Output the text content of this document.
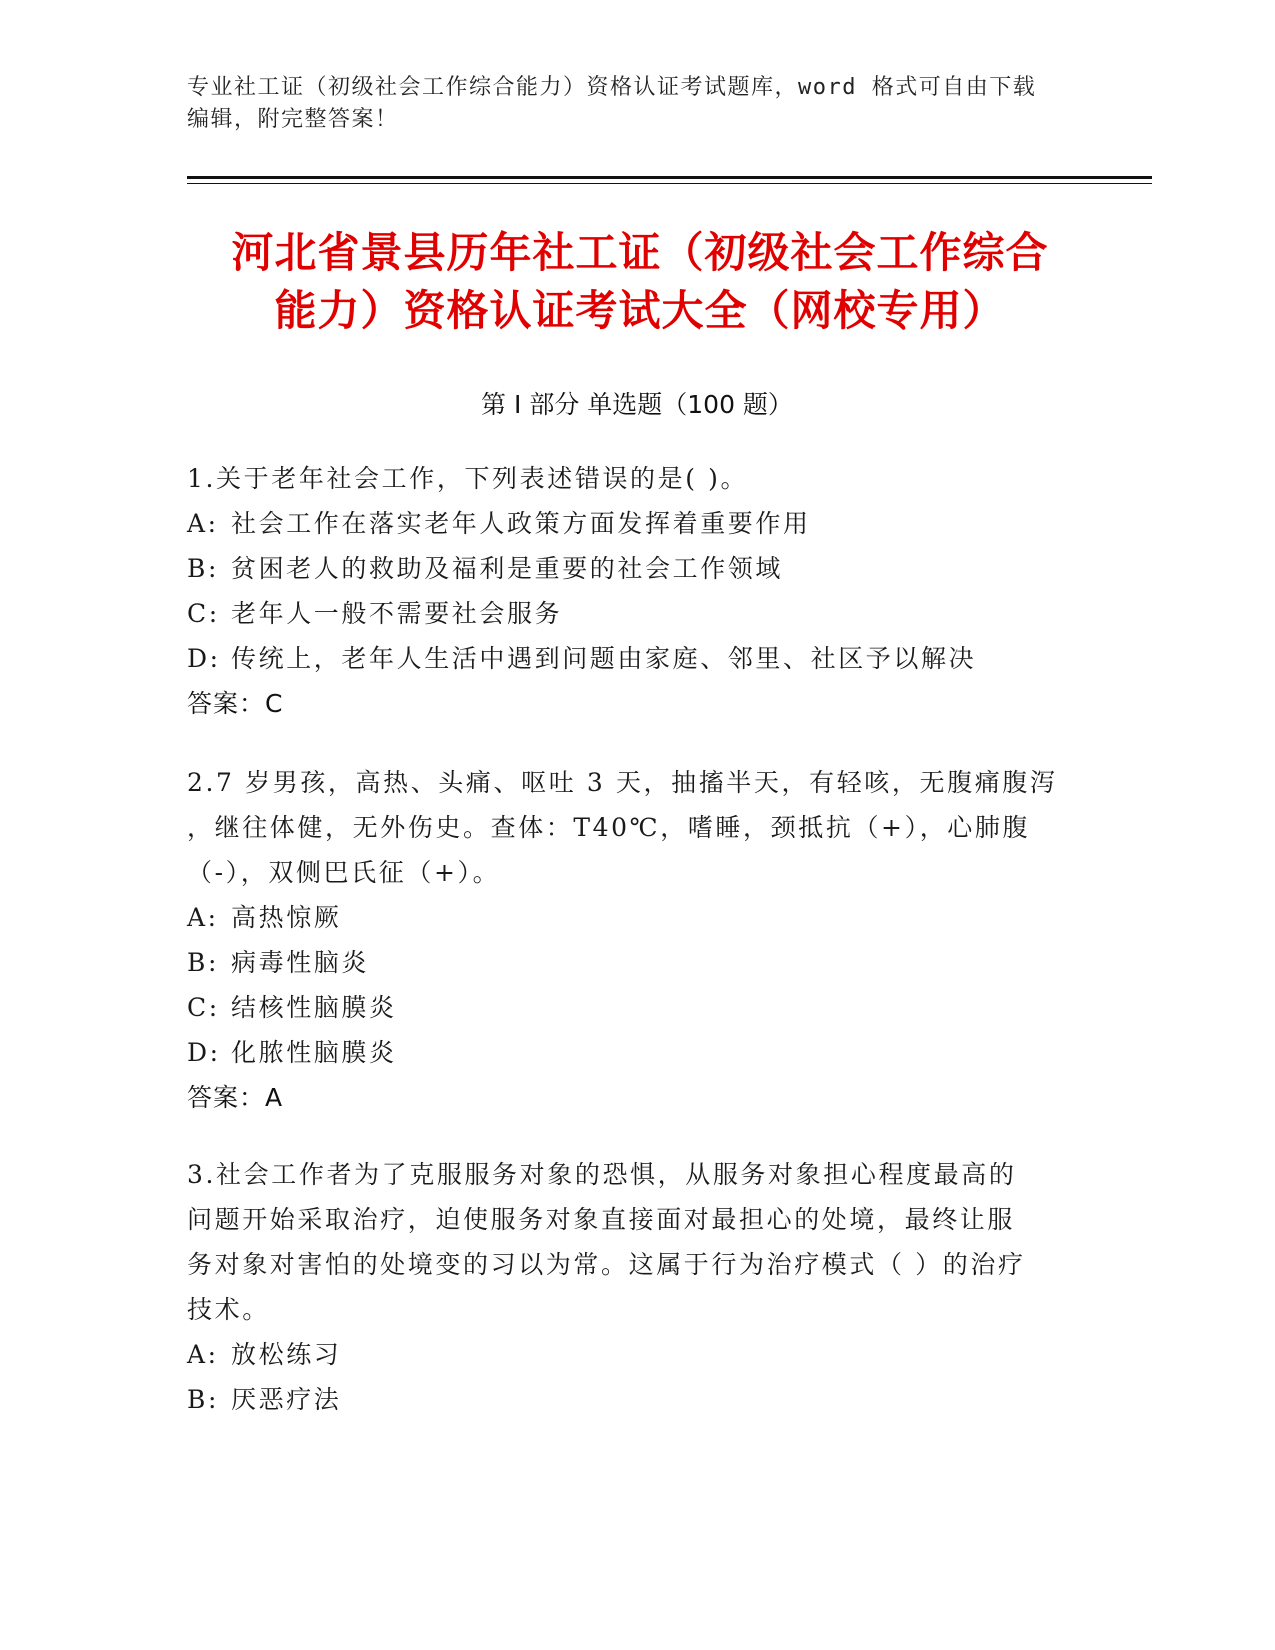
专业社工证（初级社会工作综合能力）资格认证考试题库，word 格式可自由下载
编辑，附完整答案！
河北省景县历年社工证（初级社会工作综合
能力）资格认证考试大全（网校专用）
第 I 部分 单选题（100 题）
1.关于老年社会工作，下列表述错误的是( )。
A: 社会工作在落实老年人政策方面发挥着重要作用
B: 贫困老人的救助及福利是重要的社会工作领域
C: 老年人一般不需要社会服务
D: 传统上，老年人生活中遇到问题由家庭、邻里、社区予以解决
答案：C
2.7 岁男孩，高热、头痛、呕吐 3 天，抽搐半天，有轻咳，无腹痛腹泻
，继往体健，无外伤史。查体：T40℃，嗜睡，颈抵抗（+），心肺腹
（-），双侧巴氏征（+）。
A: 高热惊厥
B: 病毒性脑炎
C: 结核性脑膜炎
D: 化脓性脑膜炎
答案：A
3.社会工作者为了克服服务对象的恐惧，从服务对象担心程度最高的
问题开始采取治疗，迫使服务对象直接面对最担心的处境，最终让服
务对象对害怕的处境变的习以为常。这属于行为治疗模式（ ）的治疗
技术。
A: 放松练习
B: 厌恶疗法
